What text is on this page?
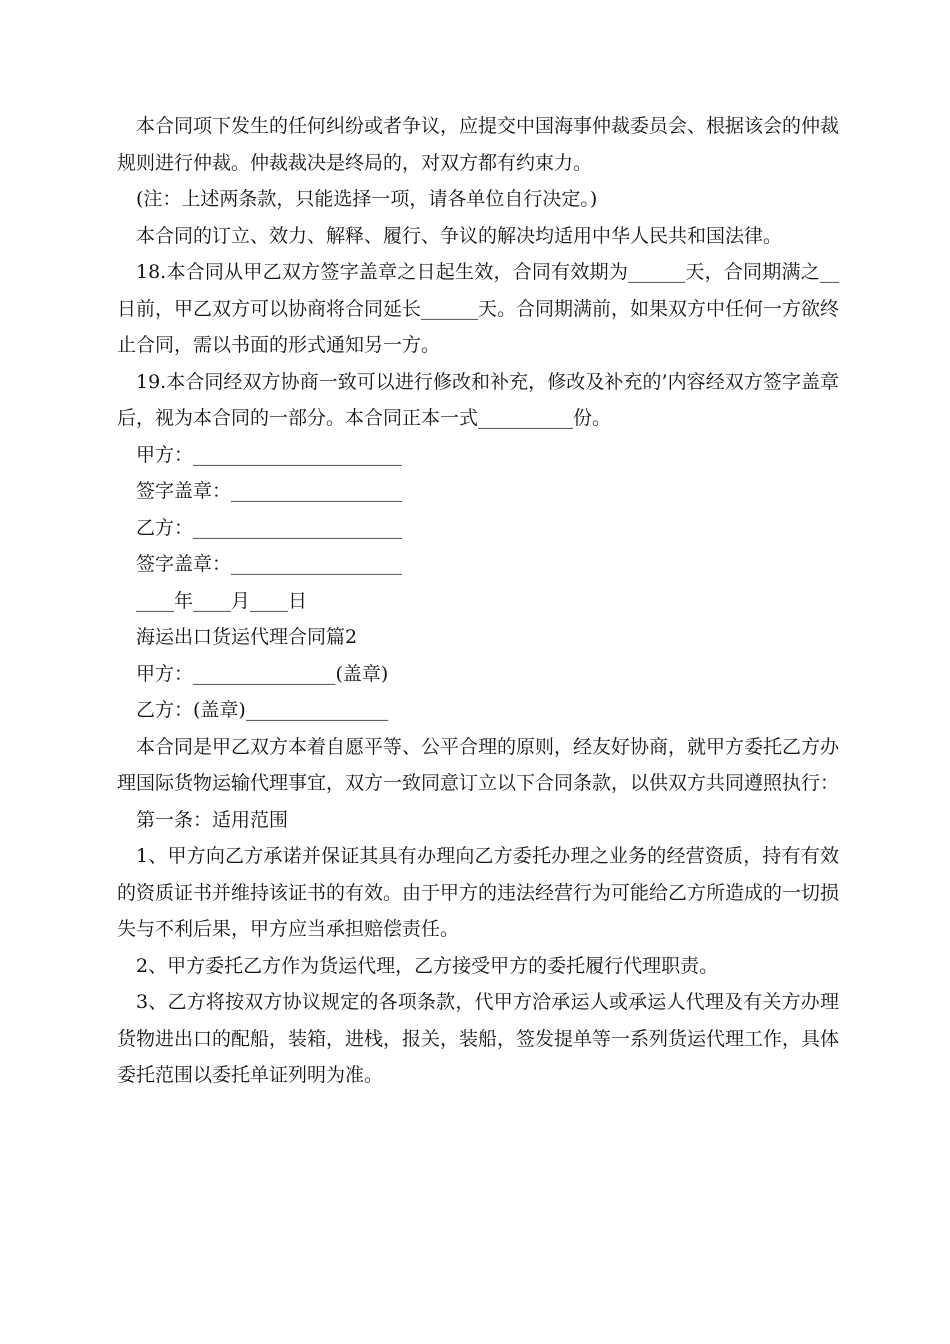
本合同项下发生的任何纠纷或者争议，应提交中国海事仲裁委员会、根据该会的仲裁规则进行仲裁。仲裁裁决是终局的，对双方都有约束力。

(注：上述两条款，只能选择一项，请各单位自行决定。)

本合同的订立、效力、解释、履行、争议的解决均适用中华人民共和国法律。

18.本合同从甲乙双方签字盖章之日起生效，合同有效期为______天，合同期满之__日前，甲乙双方可以协商将合同延长______天。合同期满前，如果双方中任何一方欲终止合同，需以书面的形式通知另一方。

19.本合同经双方协商一致可以进行修改和补充，修改及补充的’内容经双方签字盖章后，视为本合同的一部分。本合同正本一式__________份。

甲方：______________________

签字盖章：__________________

乙方：______________________

签字盖章：__________________

____年____月____日

海运出口货运代理合同篇2

甲方：_______________(盖章)

乙方：(盖章)_______________

本合同是甲乙双方本着自愿平等、公平合理的原则，经友好协商，就甲方委托乙方办理国际货物运输代理事宜，双方一致同意订立以下合同条款，以供双方共同遵照执行：

第一条：适用范围

1、甲方向乙方承诺并保证其具有办理向乙方委托办理之业务的经营资质，持有有效的资质证书并维持该证书的有效。由于甲方的违法经营行为可能给乙方所造成的一切损失与不利后果，甲方应当承担赔偿责任。

2、甲方委托乙方作为货运代理，乙方接受甲方的委托履行代理职责。

3、乙方将按双方协议规定的各项条款，代甲方洽承运人或承运人代理及有关方办理货物进出口的配船，装箱，进栈，报关，装船，签发提单等一系列货运代理工作，具体委托范围以委托单证列明为准。
